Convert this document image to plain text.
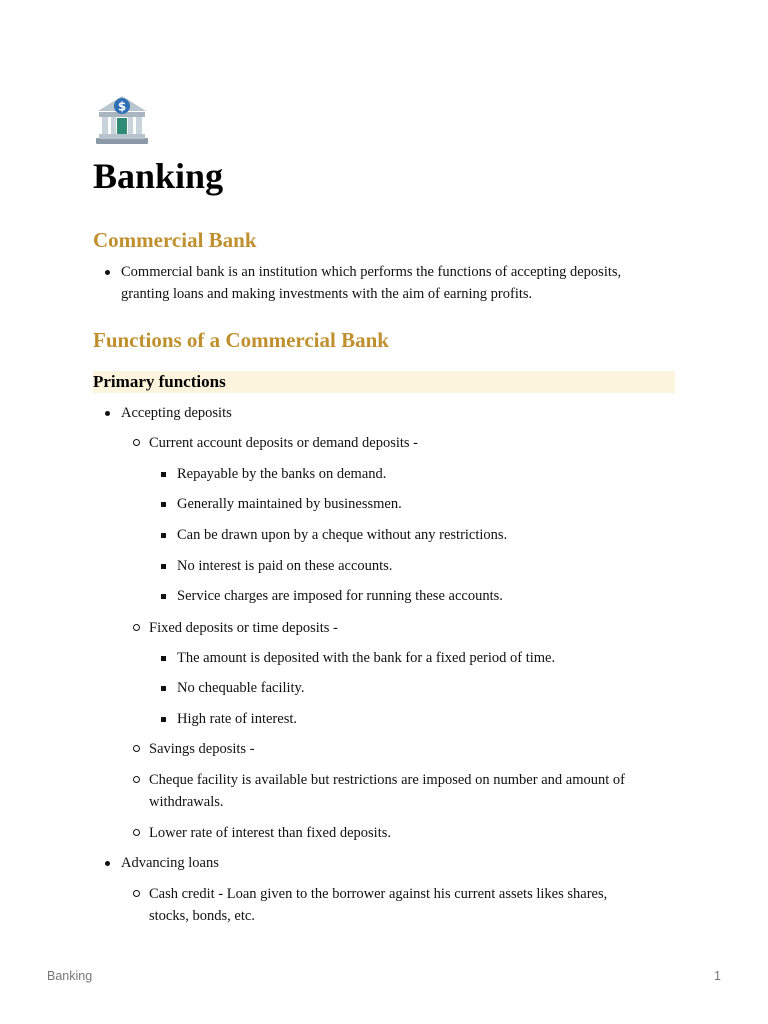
$
Banking
Commercial Bank
Commercial bank is an institution which performs the functions of accepting deposits,
granting loans and making investments with the aim of earning profits.
Functions of a Commercial Bank
Primary functions
Accepting deposits
Current account deposits or demand deposits -
Repayable by the banks on demand.
Generally maintained by businessmen.
Can be drawn upon by a cheque without any restrictions.
No interest is paid on these accounts.
Service charges are imposed for running these accounts.
Fixed deposits or time deposits -
The amount is deposited with the bank for a fixed period of time.
No chequable facility.
High rate of interest.
Savings deposits -
Cheque facility is available but restrictions are imposed on number and amount of
withdrawals.
Lower rate of interest than fixed deposits.
Advancing loans
Cash credit - Loan given to the borrower against his current assets likes shares,
stocks, bonds, etc.
Banking	1
